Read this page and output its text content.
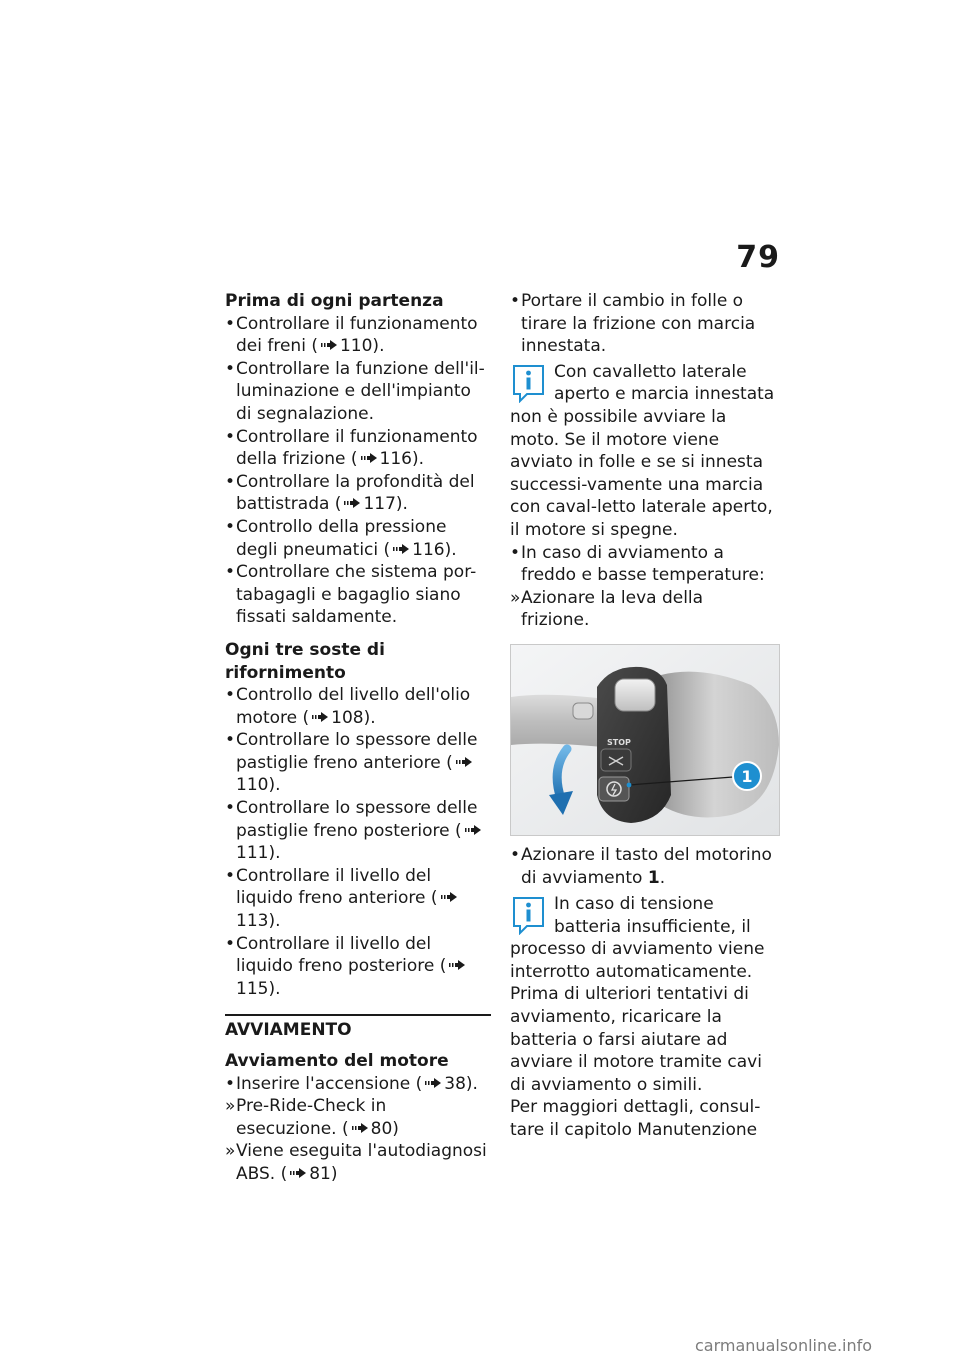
79

Prima di ogni partenza

• Controllare il funzionamento dei freni ( 110).
• Controllare la funzione dell'il-luminazione e dell'impianto di segnalazione.
• Controllare il funzionamento della frizione ( 116).
• Controllare la profondità del battistrada ( 117).
• Controllo della pressione degli pneumatici ( 116).
• Controllare che sistema por-tabagagli e bagaglio siano fissati saldamente.

Ogni tre soste di rifornimento

• Controllo del livello dell'olio motore ( 108).
• Controllare lo spessore delle pastiglie freno anteriore (110).
• Controllare lo spessore delle pastiglie freno posteriore (111).
• Controllare il livello del liquido freno anteriore (113).
• Controllare il livello del liquido freno posteriore (115).
AVVIAMENTO

Avviamento del motore

• Inserire l'accensione ( 38).
» Pre-Ride-Check in esecuzione. ( 80)
» Viene eseguita l'autodiagnosi ABS. ( 81)
• Portare il cambio in folle o tirare la frizione con marcia innestata.

Con cavalletto laterale aperto e marcia innestata
non è possibile avviare la moto. Se il motore viene avviato in folle e se si innesta successi-vamente una marcia con caval-letto laterale aperto, il motore si spegne.

• In caso di avviamento a freddo e basse temperature:
» Azionare la leva della frizione.
STOP
1
• Azionare il tasto del motorino di avviamento 1.

In caso di tensione batteria insufficiente, il
processo di avviamento viene interrotto automaticamente.

Prima di ulteriori tentativi di avviamento, ricaricare la batteria o farsi aiutare ad avviare il motore tramite cavi di avviamento o simili.

Per maggiori dettagli, consul-tare il capitolo Manutenzione

carmanualsonline.info
